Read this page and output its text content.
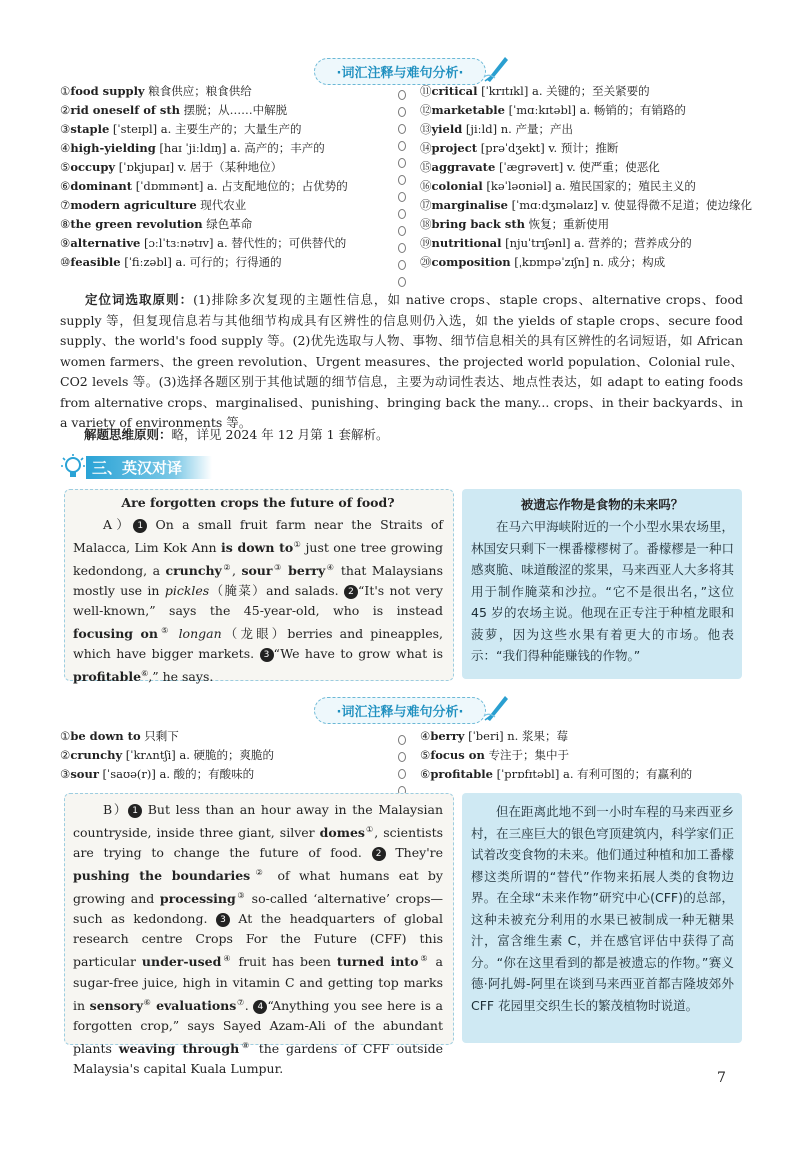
·词汇注释与难句分析·
①food supply 粮食供应；粮食供给
②rid oneself of sth 摆脱；从……中解脱
③staple [ˈsteɪpl] a. 主要生产的；大量生产的
④high-yielding [haɪ ˈjiːldɪŋ] a. 高产的；丰产的
⑤occupy [ˈɒkjupaɪ] v. 居于（某种地位）
⑥dominant [ˈdɒmɪnənt] a. 占支配地位的；占优势的
⑦modern agriculture 现代农业
⑧the green revolution 绿色革命
⑨alternative [ɔːlˈtɜːnətɪv] a. 替代性的；可供替代的
⑩feasible [ˈfiːzəbl] a. 可行的；行得通的
⑪critical [ˈkrɪtɪkl] a. 关键的；至关紧要的
⑫marketable [ˈmɑːkɪtəbl] a. 畅销的；有销路的
⑬yield [jiːld] n. 产量；产出
⑭project [prəˈdʒekt] v. 预计；推断
⑮aggravate [ˈæɡrəveɪt] v. 使严重；使恶化
⑯colonial [kəˈləʊniəl] a. 殖民国家的；殖民主义的
⑰marginalise [ˈmɑːdʒɪnəlaɪz] v. 使显得微不足道；使边缘化
⑱bring back sth 恢复；重新使用
⑲nutritional [njuˈtrɪʃənl] a. 营养的；营养成分的
⑳composition [ˌkɒmpəˈzɪʃn] n. 成分；构成
定位词选取原则：(1)排除多次复现的主题性信息，如 native crops、staple crops、alternative crops、food supply 等，但复现信息若与其他细节构成具有区辨性的信息则仍入选，如 the yields of staple crops、secure food supply、the world's food supply 等。(2)优先选取与人物、事物、细节信息相关的具有区辨性的名词短语，如 African women farmers、the green revolution、Urgent measures、the projected world population、Colonial rule、CO2 levels 等。(3)选择各题区别于其他试题的细节信息，主要为动词性表达、地点性表达，如 adapt to eating foods from alternative crops、marginalised、punishing、bringing back the many... crops、in their backyards、in a variety of environments 等。
解题思维原则：略，详见 2024 年 12 月第 1 套解析。
三、英汉对译
Are forgotten crops the future of food?
A） 1 On a small fruit farm near the Straits of Malacca, Lim Kok Ann is down to① just one tree growing kedondong, a crunchy②, sour③ berry④ that Malaysians mostly use in pickles（腌菜）and salads. 2 “It's not very well-known,” says the 45-year-old, who is instead focusing on⑤ longan（龙眼）berries and pineapples, which have bigger markets. 3 “We have to grow what is profitable⑥,” he says.
被遗忘作物是食物的未来吗？
在马六甲海峡附近的一个小型水果农场里，林国安只剩下一棵番檬樛树了。番檬樛是一种口感爽脆、味道酸涩的浆果，马来西亚人大多将其用于制作腌菜和沙拉。“它不是很出名，”这位 45 岁的农场主说。他现在正专注于种植龙眼和菠萝，因为这些水果有着更大的市场。他表示：“我们得种能赚钱的作物。”
·词汇注释与难句分析·
①be down to 只剩下
②crunchy [ˈkrʌntʃi] a. 硬脆的；爽脆的
③sour [ˈsaʊə(r)] a. 酸的；有酸味的
④berry [ˈberi] n. 浆果；莓
⑤focus on 专注于；集中于
⑥profitable [ˈprɒfɪtəbl] a. 有利可图的；有赢利的
B） 1 But less than an hour away in the Malaysian countryside, inside three giant, silver domes①, scientists are trying to change the future of food. 2 They're pushing the boundaries② of what humans eat by growing and processing③ so-called ‘alternative’ crops—such as kedondong. 3 At the headquarters of global research centre Crops For the Future (CFF) this particular under-used④ fruit has been turned into⑤ a sugar-free juice, high in vitamin C and getting top marks in sensory⑥ evaluations⑦. 4 “Anything you see here is a forgotten crop,” says Sayed Azam-Ali of the abundant plants weaving through⑧ the gardens of CFF outside Malaysia's capital Kuala Lumpur.
但在距离此地不到一小时车程的马来西亚乡村，在三座巨大的银色穹顶建筑内，科学家们正试着改变食物的未来。他们通过种植和加工番檬樛这类所谓的“替代”作物来拓展人类的食物边界。在全球“未来作物”研究中心(CFF)的总部，这种未被充分利用的水果已被制成一种无糖果汁，富含维生素 C，并在感官评估中获得了高分。“你在这里看到的都是被遗忘的作物。”赛义德·阿扎姆-阿里在谈到马来西亚首都吉隆坡郊外 CFF 花园里交织生长的繁茂植物时说道。
7
